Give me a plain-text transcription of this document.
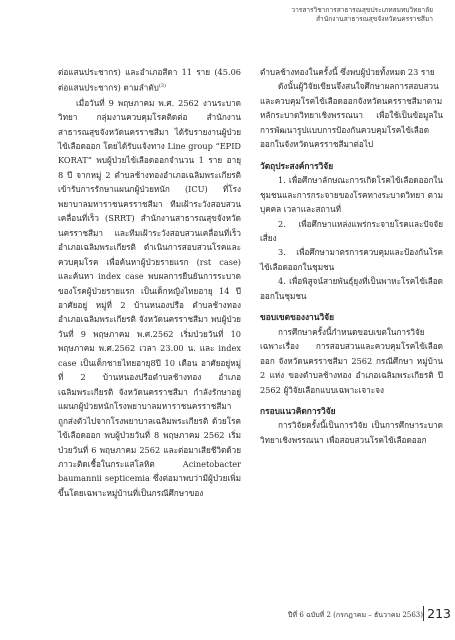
วารสารวิชาการสาธารณสุขประเภทสมทบวิทยาลัย
สำนักงานสาธารณสุขจังหวัดนครราชสีมา

ต่อแสนประชากร) และอำเภอสีดา 11 ราย (45.06 ต่อแสนประชากร) ตามลำดับ$^{(3)}$

เมื่อวันที่ 9 พฤษภาคม พ.ศ. 2562 งานระบาดวิทยา กลุ่มงานควบคุมโรคติดต่อ สำนักงานสาธารณสุขจังหวัดนครราชสีมา ได้รับรายงานผู้ป่วยไข้เลือดออก โดยได้รับแจ้งทาง Line group “EPID KORAT” พบผู้ป่วยไข้เลือดออกจำนวน 1 ราย อายุ 8 ปี จากหมู่ 2 ตำบลช้างทองอำเภอเฉลิมพระเกียรติ เข้ารับการรักษาแผนกผู้ป่วยหนัก (ICU) ที่โรงพยาบาลมหาราชนครราชสีมา ทีมเฝ้าระวังสอบสวนเคลื่อนที่เร็ว (SRRT) สำนักงานสาธารณสุขจังหวัดนครราชสีมา และทีมเฝ้าระวังสอบสวนเคลื่อนที่เร็วอำเภอเฉลิมพระเกียรติ ดำเนินการสอบสวนโรคและควบคุมโรค เพื่อค้นหาผู้ป่วยรายแรก (rst case) และค้นหา index case พบผลการยืนยันการระบาดของโรคผู้ป่วยรายแรก เป็นเด็กหญิงไทยอายุ 14 ปี อาศัยอยู่ หมู่ที่ 2 บ้านหนองปรือ ตำบลช้างทอง อำเภอเฉลิมพระเกียรติ จังหวัดนครราชสีมา พบผู้ป่วย วันที่ 9 พฤษภาคม พ.ศ.2562 เริ่มป่วยวันที่ 10 พฤษภาคม พ.ศ.2562 เวลา 23.00 น. และ index case เป็นเด็กชายไทยอายุ8ปี 10 เดือน อาศัยอยู่หมู่ที่ 2 บ้านหนองปรือตำบลช้างทอง อำเภอเฉลิมพระเกียรติ จังหวัดนครราชสีมา กำลังรักษาอยู่แผนกผู้ป่วยหนักโรงพยาบาลมหาราชนครราชสีมา ถูกส่งตัวไปจากโรงพยาบาลเฉลิมพระเกียรติ ด้วยโรคไข้เลือดออก พบผู้ป่วยวันที่ 8 พฤษภาคม 2562 เริ่มป่วยวันที่ 6 พฤษภาคม 2562 และต่อมาเสียชีวิตด้วยภาวะติดเชื้อในกระแสโลหิต Acinetobacter baumannii septicemia ซึ่งต่อมาพบว่ามีผู้ป่วยเพิ่มขึ้นโดยเฉพาะหมู่บ้านที่เป็นกรณีศึกษาของ

ตำบลช้างทองในครั้งนี้ ซึ่งพบผู้ป่วยทั้งหมด 23 ราย

ดังนั้นผู้วิจัยเขียนจึงสนใจศึกษาผลการสอบสวนและควบคุมโรคไข้เลือดออกจังหวัดนครราชสีมาตามหลักระบาดวิทยาเชิงพรรณนา เพื่อใช้เป็นข้อมูลในการพัฒนารูปแบบการป้องกันควบคุมโรคไข้เลือดออกในจังหวัดนครราชสีมาต่อไป

วัตถุประสงค์การวิจัย

1. เพื่อศึกษาลักษณะการเกิดโรคไข้เลือดออกในชุมชนและการกระจายของโรคทางระบาดวิทยา ตามบุคคล เวลาและสถานที่

2. เพื่อศึกษาแหล่งแพร่กระจายโรคและปัจจัยเสี่ยง

3. เพื่อศึกษามาตรการควบคุมและป้องกันโรคไข้เลือดออกในชุมชน

4. เพื่อพิสูจน์สายพันธุ์ยุงที่เป็นพาหะโรคไข้เลือดออกในชุมชน

ขอบเขตของงานวิจัย

การศึกษาครั้งนี้กำหนดขอบเขตในการวิจัยเฉพาะเรื่อง การสอบสวนและควบคุมโรคไข้เลือดออก จังหวัดนครราชสีมา 2562 กรณีศึกษา หมู่บ้าน 2 แห่ง ของตำบลช้างทอง อำเภอเฉลิมพระเกียรติ ปี 2562 ผู้วิจัยเลือกแบบเฉพาะเจาะจง

กรอบแนวคิดการวิจัย

การวิจัยครั้งนี้เป็นการวิจัย เป็นการศึกษาระบาดวิทยาเชิงพรรณนา เพื่อสอบสวนโรคไข้เลือดออก

ปีที่ 6 ฉบับที่ 2 (กรกฎาคม – ธันวาคม 2563) 213
